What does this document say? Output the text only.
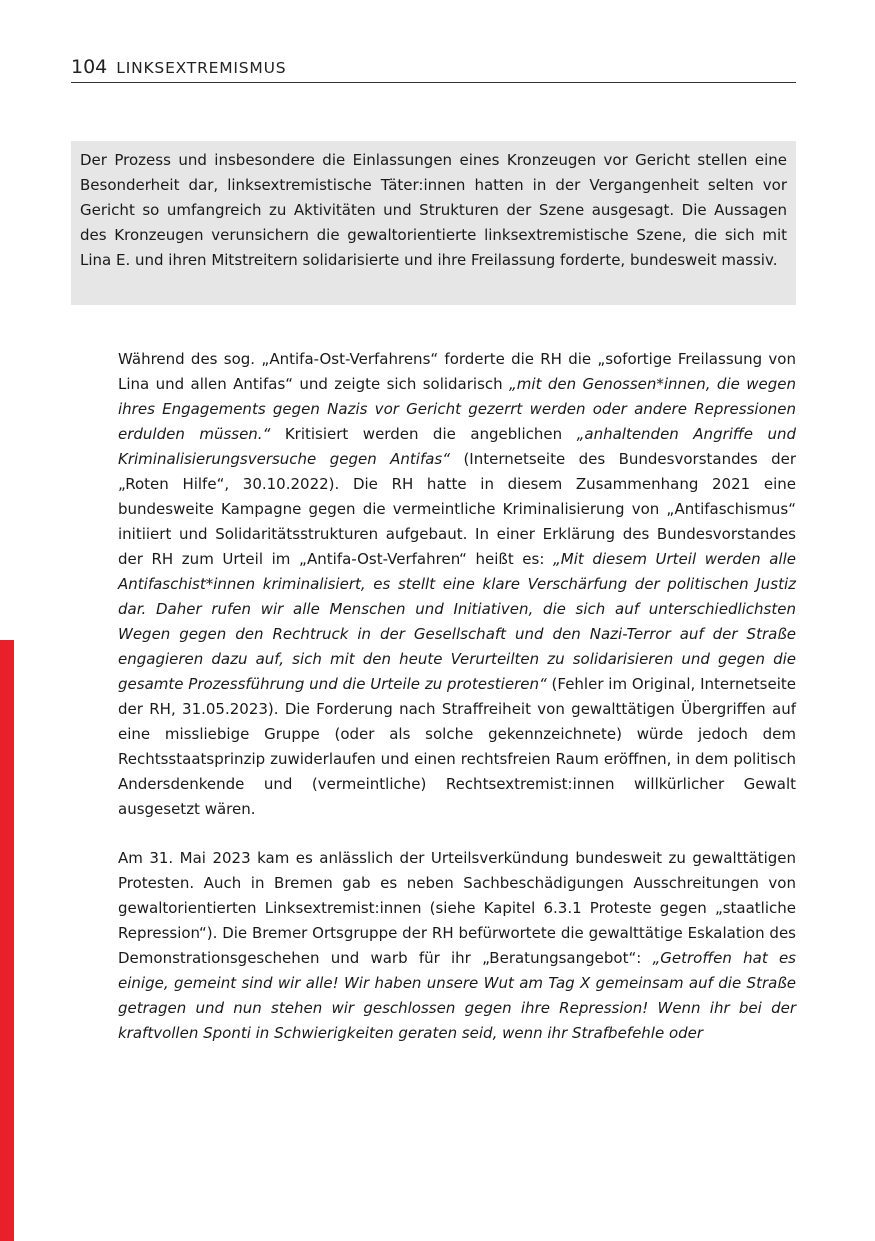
104 LINKSEXTREMISMUS

Der Prozess und insbesondere die Einlassungen eines Kronzeugen vor Gericht stellen eine Besonderheit dar, linksextremistische Täter:innen hatten in der Vergangenheit selten vor Gericht so umfangreich zu Aktivitäten und Strukturen der Szene ausgesagt. Die Aussagen des Kronzeugen verunsichern die gewaltorientierte linksextremistische Szene, die sich mit Lina E. und ihren Mitstreitern solidarisierte und ihre Freilassung forderte, bundesweit massiv.

Während des sog. „Antifa-Ost-Verfahrens“ forderte die RH die „sofortige Freilassung von Lina und allen Antifas“ und zeigte sich solidarisch „mit den Genossen*innen, die wegen ihres Engagements gegen Nazis vor Gericht gezerrt werden oder andere Repressionen erdulden müssen.“ Kritisiert werden die angeblichen „anhaltenden Angriffe und Kriminalisierungsversuche gegen Antifas“ (Internetseite des Bundesvorstandes der „Roten Hilfe“, 30.10.2022). Die RH hatte in diesem Zusammenhang 2021 eine bundesweite Kampagne gegen die vermeintliche Kriminalisierung von „Antifaschismus“ initiiert und Solidaritätsstrukturen aufgebaut. In einer Erklärung des Bundesvorstandes der RH zum Urteil im „Antifa-Ost-Verfahren“ heißt es: „Mit diesem Urteil werden alle Antifaschist*innen kriminalisiert, es stellt eine klare Verschärfung der politischen Justiz dar. Daher rufen wir alle Menschen und Initiativen, die sich auf unterschiedlichsten Wegen gegen den Rechtruck in der Gesellschaft und den Nazi-Terror auf der Straße engagieren dazu auf, sich mit den heute Verurteilten zu solidarisieren und gegen die gesamte Prozessführung und die Urteile zu protestieren“ (Fehler im Original, Internetseite der RH, 31.05.2023). Die Forderung nach Straffreiheit von gewalttätigen Übergriffen auf eine missliebige Gruppe (oder als solche gekennzeichnete) würde jedoch dem Rechtsstaatsprinzip zuwiderlaufen und einen rechtsfreien Raum eröffnen, in dem politisch Andersdenkende und (vermeintliche) Rechtsextremist:innen willkürlicher Gewalt ausgesetzt wären.

Am 31. Mai 2023 kam es anlässlich der Urteilsverkündung bundesweit zu gewalttätigen Protesten. Auch in Bremen gab es neben Sachbeschädigungen Ausschreitungen von gewaltorientierten Linksextremist:innen (siehe Kapitel 6.3.1 Proteste gegen „staatliche Repression“). Die Bremer Ortsgruppe der RH befürwortete die gewalttätige Eskalation des Demonstrationsgeschehen und warb für ihr „Beratungsangebot“: „Getroffen hat es einige, gemeint sind wir alle! Wir haben unsere Wut am Tag X gemeinsam auf die Straße getragen und nun stehen wir geschlossen gegen ihre Repression! Wenn ihr bei der kraftvollen Sponti in Schwierigkeiten geraten seid, wenn ihr Strafbefehle oder
